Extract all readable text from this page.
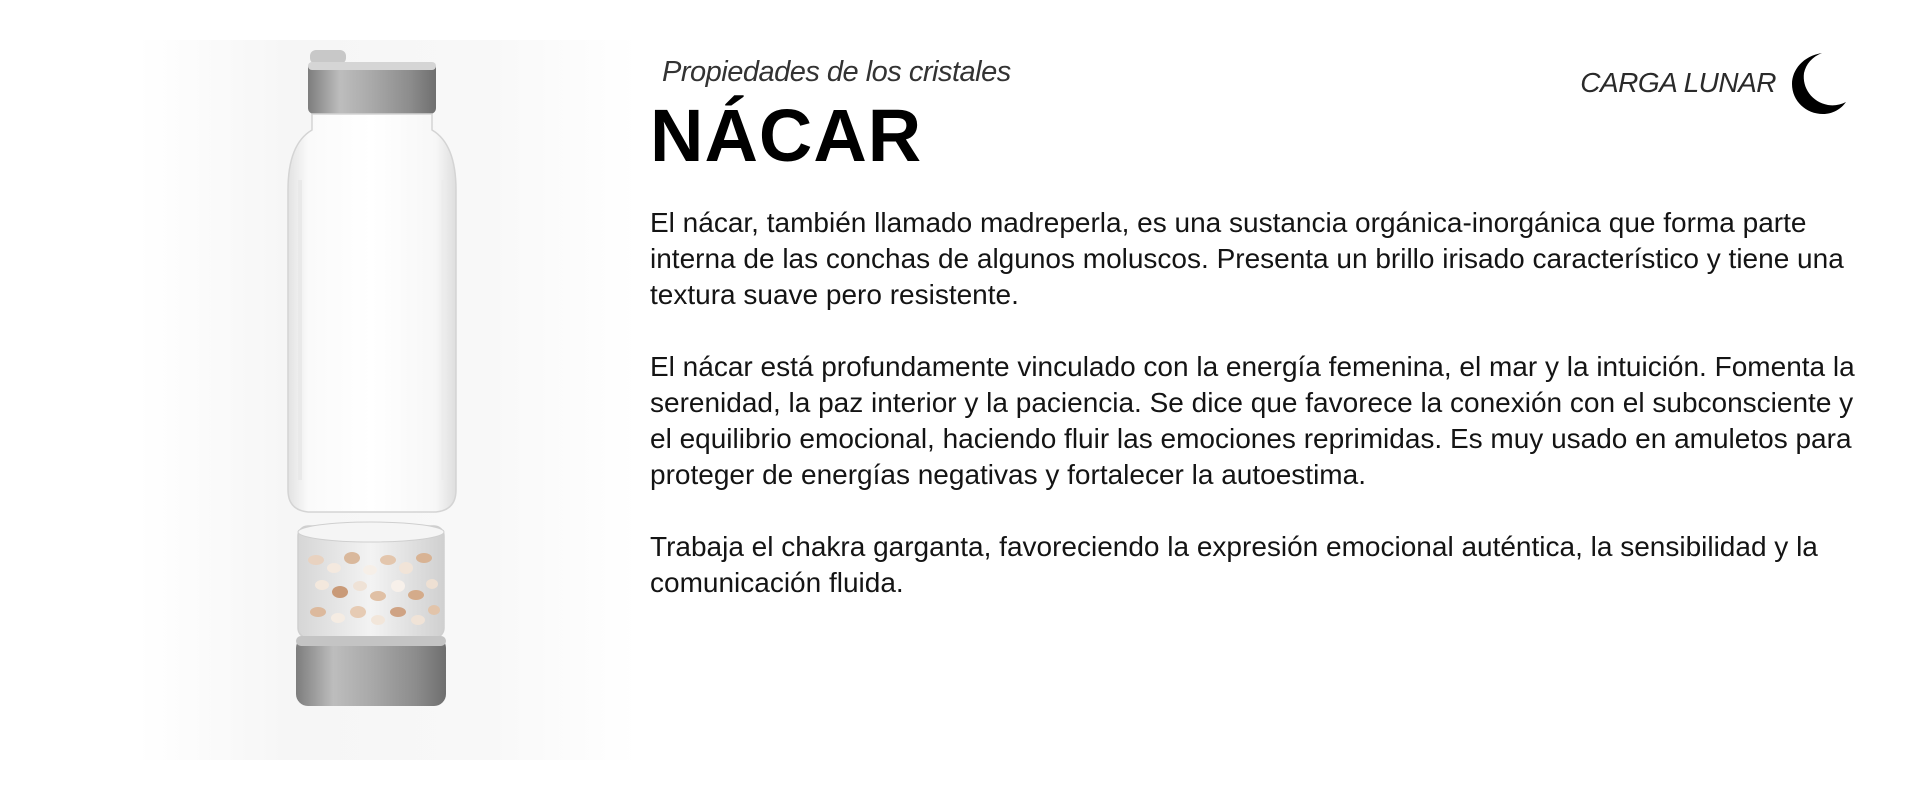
Propiedades de los cristales
NÁCAR
CARGA LUNAR

El nácar, también llamado madreperla, es una sustancia orgánica-inorgánica que forma parte interna de las conchas de algunos moluscos. Presenta un brillo irisado característico y tiene una textura suave pero resistente.

El nácar está profundamente vinculado con la energía femenina, el mar y la intuición. Fomenta la serenidad, la paz interior y la paciencia. Se dice que favorece la conexión con el subconsciente y el equilibrio emocional, haciendo fluir las emociones reprimidas. Es muy usado en amuletos para proteger de energías negativas y fortalecer la autoestima.

Trabaja el chakra garganta, favoreciendo la expresión emocional auténtica, la sensibilidad y la comunicación fluida.
